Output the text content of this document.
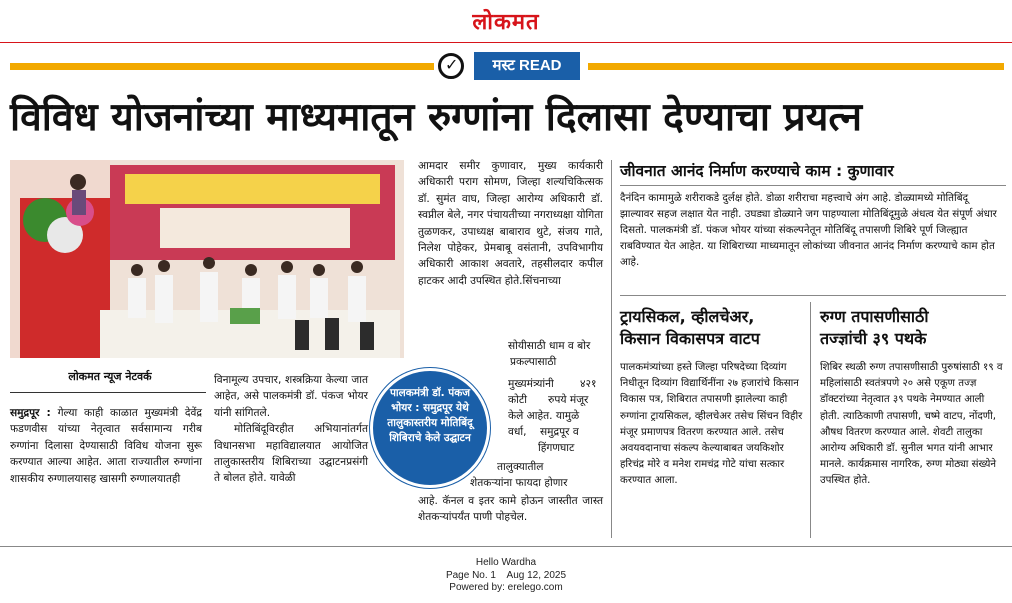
लोकमत
✓	मस्ट READ
विविध योजनांच्या माध्यमातून रुग्णांना दिलासा देण्याचा प्रयत्न
लोकमत न्यूज नेटवर्क

समुद्रपूर : गेल्या काही काळात मुख्यमंत्री देवेंद्र फडणवीस यांच्या नेतृत्वात सर्वसामान्य गरीब रुग्णांना दिलासा देण्यासाठी विविध योजना सुरू करण्यात आल्या आहेत. आता राज्यातील रुग्णांना शासकीय रुग्णालयासह खासगी रुग्णालयातही

विनामूल्य उपचार, शस्त्रक्रिया केल्या जात आहेत, असे पालकमंत्री डॉ. पंकज भोयर यांनी सांगितले.

मोतिबिंदूविरहीत अभियानांतर्गत विधानसभा महाविद्यालयात आयोजित तालुकास्तरीय शिबिराच्या उद्घाटनप्रसंगी ते बोलत होते. यावेळी

आमदार समीर कुणावार, मुख्य कार्यकारी अधिकारी पराग सोमण, जिल्हा शल्यचिकित्सक डॉ. सुमंत वाघ, जिल्हा आरोग्य अधिकारी डॉ. स्वप्नील बेले, नगर पंचायतीच्या नगराध्यक्षा योगिता तुळणकर, उपाध्यक्ष बाबाराव थुटे, संजय गाते, निलेश पोहेकर, प्रेमबाबू वसंतानी, उपविभागीय अधिकारी आकाश अवतारे, तहसीलदार कपील हाटकर आदी उपस्थित होते.सिंचनाच्या
सोयीसाठी धाम व बोर
प्रकल्पासाठी
मुख्यमंत्र्यांनी ४२१
कोटी रुपये मंजूर
केले आहेत. यामुळे
वर्धा, समुद्रपूर व
हिंगणघाट
तालुक्यातील
शेतकऱ्यांना फायदा होणार
आहे. कॅनल व इतर कामे होऊन जास्तीत जास्त शेतकऱ्यांपर्यंत पाणी पोहचेल.
पालकमंत्री डॉ. पंकज भोयर : समुद्रपूर येथे तालुकास्तरीय मोतिबिंदू शिबिराचे केले उद्घाटन
जीवनात आनंद निर्माण करण्याचे काम : कुणावार
दैनंदिन कामामुळे शरीराकडे दुर्लक्ष होते. डोळा शरीराचा महत्त्वाचे अंग आहे. डोळ्यामध्ये मोतिबिंदू झाल्यावर सहज लक्षात येत नाही. उघड्या डोळ्याने जग पाहण्याला मोतिबिंदूमुळे अंधत्व येत संपूर्ण अंधार दिसतो. पालकमंत्री डॉ. पंकज भोयर यांच्या संकल्पनेतून मोतिबिंदू तपासणी शिबिरे पूर्ण जिल्ह्यात राबविण्यात येत आहेत. या शिबिराच्या माध्यमातून लोकांच्या जीवनात आनंद निर्माण करण्याचे काम होत आहे.
ट्रायसिकल, व्हीलचेअर,
किसान विकासपत्र वाटप
पालकमंत्र्यांच्या हस्ते जिल्हा परिषदेच्या दिव्यांग निधीतून दिव्यांग विद्यार्थिनींना २७ हजारांचे किसान विकास पत्र, शिबिरात तपासणी झालेल्या काही रुग्णांना ट्रायसिकल, व्हीलचेअर तसेच सिंचन विहीर मंजूर प्रमाणपत्र वितरण करण्यात आले. तसेच अवयवदानाचा संकल्प केल्याबाबत जयकिशोर हरिचंद्र मोरे व मनेश रामचंद्र गोटे यांचा सत्कार करण्यात आला.
रुग्ण तपासणीसाठी
तज्ज्ञांची ३९ पथके
शिबिर स्थळी रुग्ण तपासणीसाठी पुरुषांसाठी १९ व महिलांसाठी स्वतंत्रपणे २० असे एकूण तज्ज्ञ डॉक्टरांच्या नेतृत्वात ३९ पथके नेमण्यात आली होती. त्याठिकाणी तपासणी, चष्मे वाटप, नोंदणी, औषध वितरण करण्यात आले. शेवटी तालुका आरोग्य अधिकारी डॉ. सुनील भगत यांनी आभार मानले. कार्यक्रमास नागरिक, रुग्ण मोठ्या संख्येने उपस्थित होते.
Hello Wardha
Page No. 1    Aug 12, 2025
Powered by: erelego.com
